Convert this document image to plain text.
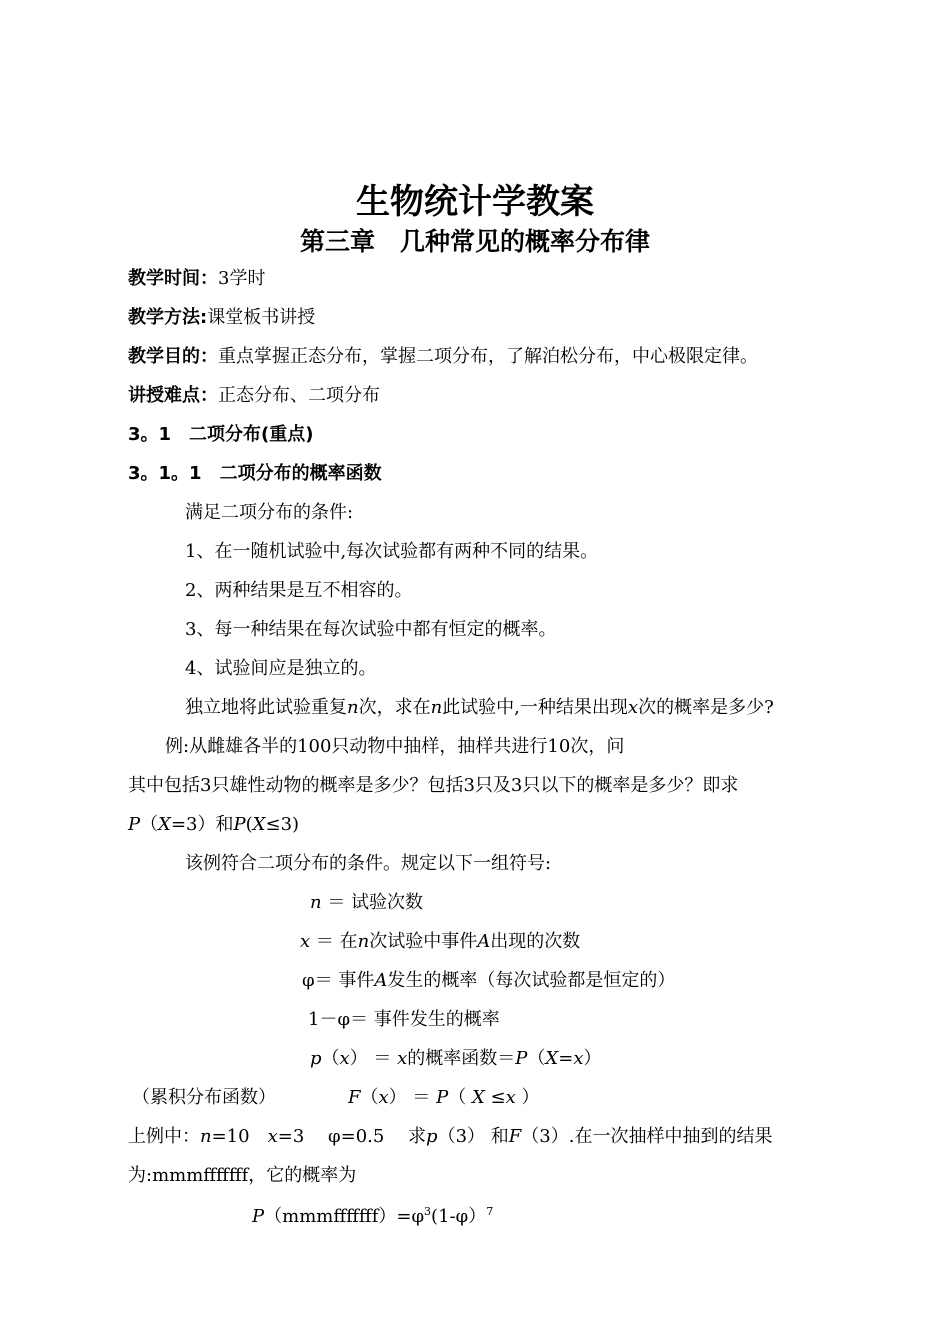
生物统计学教案
第三章　几种常见的概率分布律
教学时间：3学时
教学方法:课堂板书讲授
教学目的：重点掌握正态分布，掌握二项分布，了解泊松分布，中心极限定律。
讲授难点：正态分布、二项分布
3。1　二项分布(重点)
3。1。1　二项分布的概率函数
满足二项分布的条件:
1、在一随机试验中,每次试验都有两种不同的结果。
2、两种结果是互不相容的。
3、每一种结果在每次试验中都有恒定的概率。
4、试验间应是独立的。
独立地将此试验重复n次，求在n此试验中,一种结果出现x次的概率是多少?
例:从雌雄各半的100只动物中抽样，抽样共进行10次，问
其中包括3只雄性动物的概率是多少？包括3只及3只以下的概率是多少？即求
P（X=3）和P(X≤3)
该例符合二项分布的条件。规定以下一组符号:
n ＝ 试验次数
x ＝ 在n次试验中事件A出现的次数
φ＝ 事件A发生的概率（每次试验都是恒定的）
1－φ＝ 事件发生的概率
p（x） ＝ x的概率函数＝P（X=x）
（累积分布函数）	F（x） ＝ P（ X ≤x ）
上例中：n=10　x=3　 φ=0.5　 求p（3） 和F（3）.在一次抽样中抽到的结果
为:mmmfffffff，它的概率为
$P(mmmfffffff)=\varphi^3(1-\varphi)^7$
